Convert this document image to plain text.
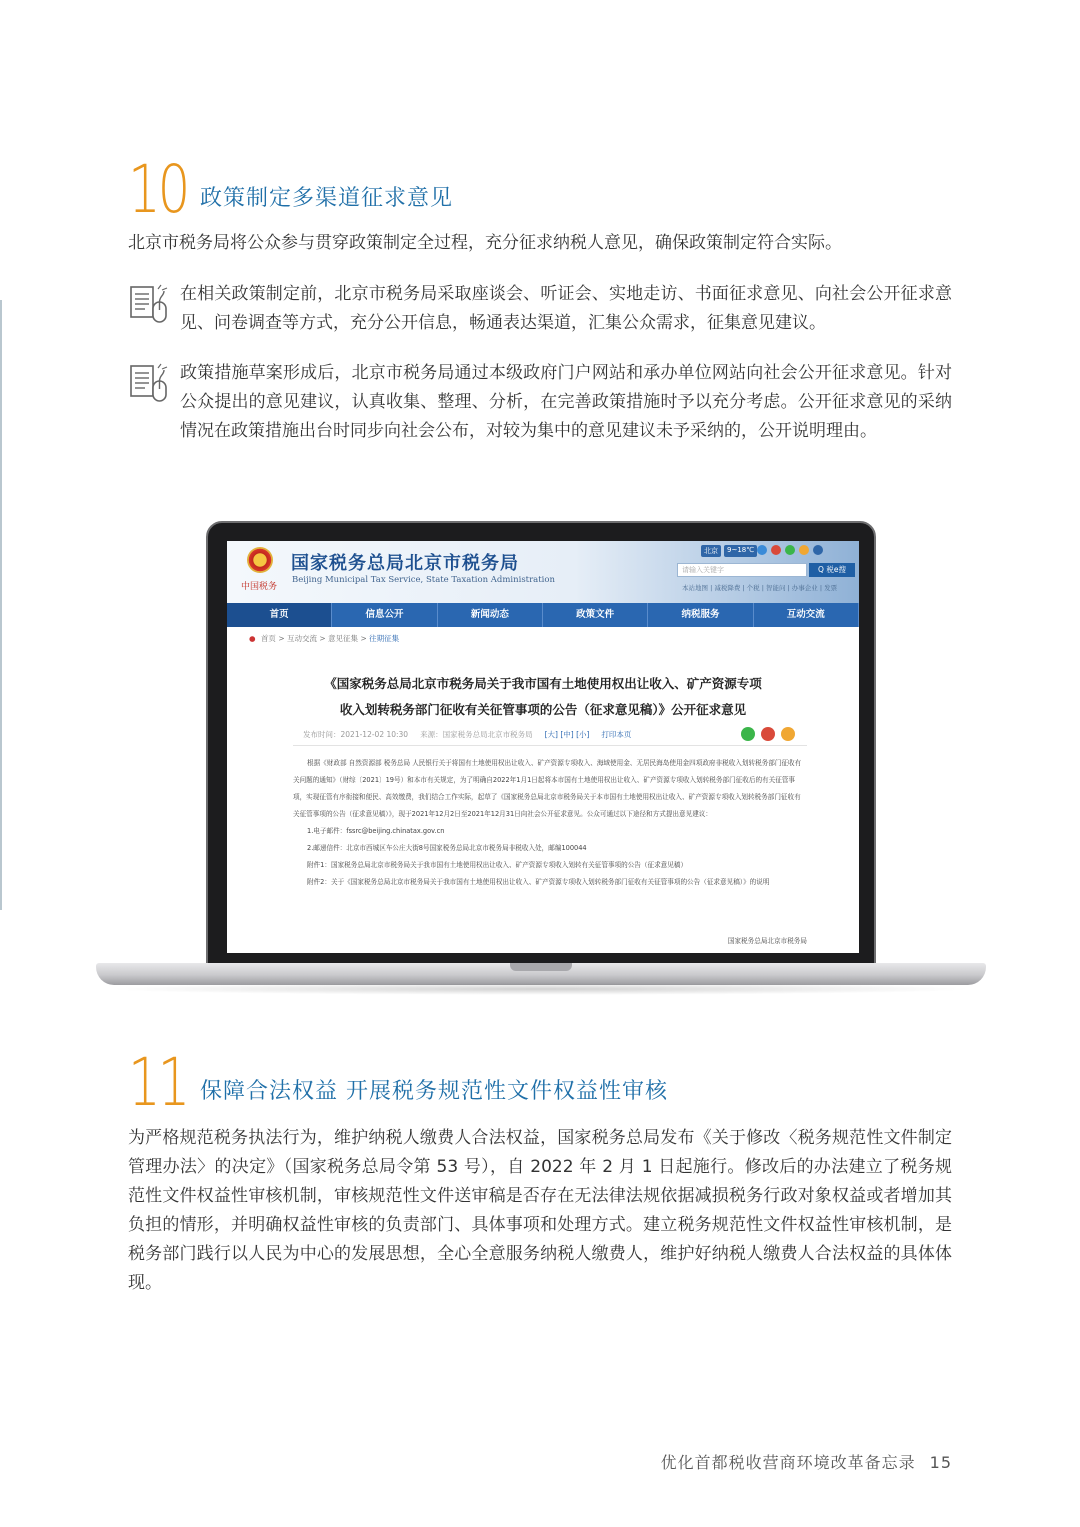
10 政策制定多渠道征求意见
北京市税务局将公众参与贯穿政策制定全过程，充分征求纳税人意见，确保政策制定符合实际。
在相关政策制定前，北京市税务局采取座谈会、听证会、实地走访、书面征求意见、向社会公开征求意见、问卷调查等方式，充分公开信息，畅通表达渠道，汇集公众需求，征集意见建议。
政策措施草案形成后，北京市税务局通过本级政府门户网站和承办单位网站向社会公开征求意见。针对公众提出的意见建议，认真收集、整理、分析，在完善政策措施时予以充分考虑。公开征求意见的采纳情况在政策措施出台时同步向社会公布，对较为集中的意见建议未予采纳的，公开说明理由。
中国税务
国家税务总局北京市税务局
Beijing Municipal Tax Service, State Taxation Administration
北京	9~18℃
请输入关键字	Q 税e搜
本站地图 | 减税降费 | 个税 | 智能问 | 办事企业 | 发票
首页	信息公开	新闻动态	政策文件	纳税服务	互动交流
● 首页 > 互动交流 > 意见征集 > 往期征集
《国家税务总局北京市税务局关于我市国有土地使用权出让收入、矿产资源专项
收入划转税务部门征收有关征管事项的公告（征求意见稿）》公开征求意见
发布时间：2021-12-02 10:30 来源：国家税务总局北京市税务局 [大] [中] [小] 打印本页

根据《财政部 自然资源部 税务总局 人民银行关于将国有土地使用权出让收入、矿产资源专项收入、海域使用金、无居民海岛使用金四项政府非税收入划转税务部门征收有关问题的通知》（财综〔2021〕19号）和本市有关规定，为了明确自2022年1月1日起将本市国有土地使用权出让收入、矿产资源专项收入划转税务部门征收后的有关征管事项，实现征管有序衔接和便民、高效缴费，我们结合工作实际，起草了《国家税务总局北京市税务局关于本市国有土地使用权出让收入、矿产资源专项收入划转税务部门征收有关征管事项的公告（征求意见稿）》，现于2021年12月2日至2021年12月31日向社会公开征求意见。公众可通过以下途径和方式提出意见建议：

1.电子邮件：fssrc@beijing.chinatax.gov.cn

2.邮递信件：北京市西城区车公庄大街8号国家税务总局北京市税务局非税收入处，邮编100044

附件1：国家税务总局北京市税务局关于我市国有土地使用权出让收入、矿产资源专项收入划转有关征管事项的公告（征求意见稿）

附件2：关于《国家税务总局北京市税务局关于我市国有土地使用权出让收入、矿产资源专项收入划转税务部门征收有关征管事项的公告（征求意见稿）》的说明

国家税务总局北京市税务局
11 保障合法权益 开展税务规范性文件权益性审核
为严格规范税务执法行为，维护纳税人缴费人合法权益，国家税务总局发布《关于修改〈税务规范性文件制定管理办法〉的决定》（国家税务总局令第 53 号），自 2022 年 2 月 1 日起施行。修改后的办法建立了税务规范性文件权益性审核机制，审核规范性文件送审稿是否存在无法律法规依据减损税务行政对象权益或者增加其负担的情形，并明确权益性审核的负责部门、具体事项和处理方式。建立税务规范性文件权益性审核机制，是税务部门践行以人民为中心的发展思想，全心全意服务纳税人缴费人，维护好纳税人缴费人合法权益的具体体现。
优化首都税收营商环境改革备忘录 15
